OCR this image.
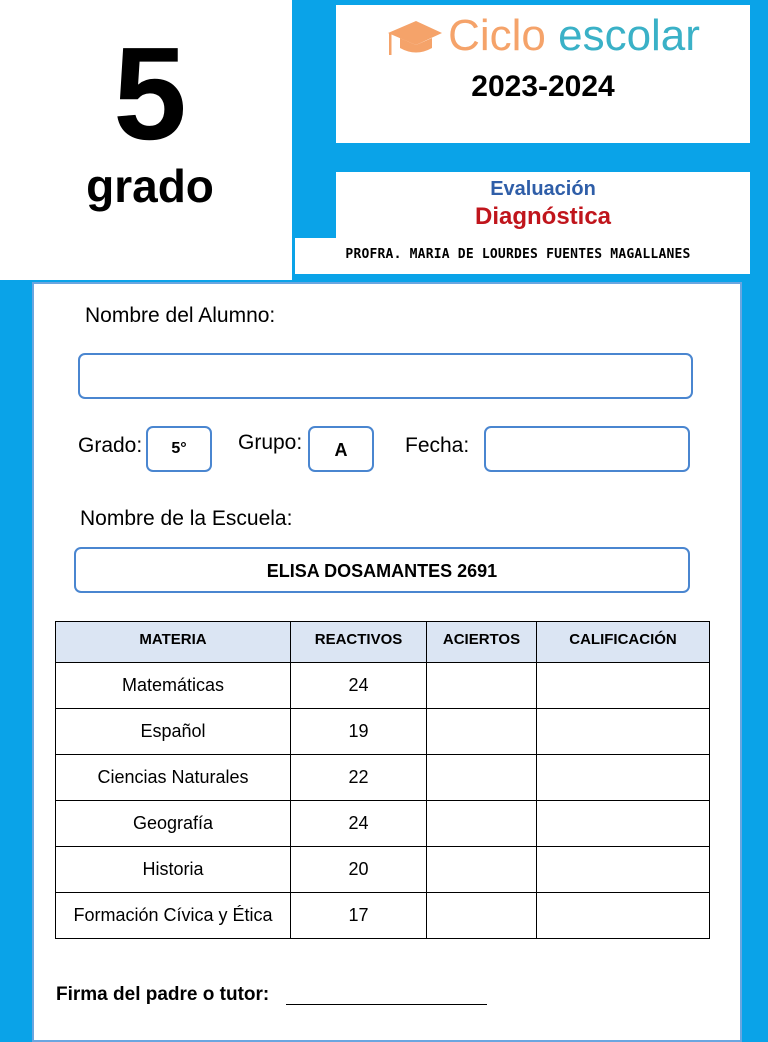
5
grado
Ciclo escolar
2023-2024
Evaluación
Diagnóstica
PROFRA. MARIA DE LOURDES FUENTES MAGALLANES
Nombre del Alumno:
Grado:	5°	Grupo:	A	Fecha:
Nombre de la Escuela:
ELISA DOSAMANTES 2691
MATERIA	REACTIVOS	ACIERTOS	CALIFICACIÓN
Matemáticas	24		
Español	19		
Ciencias Naturales	22		
Geografía	24		
Historia	20		
Formación Cívica y Ética	17		
Firma del padre o tutor:
